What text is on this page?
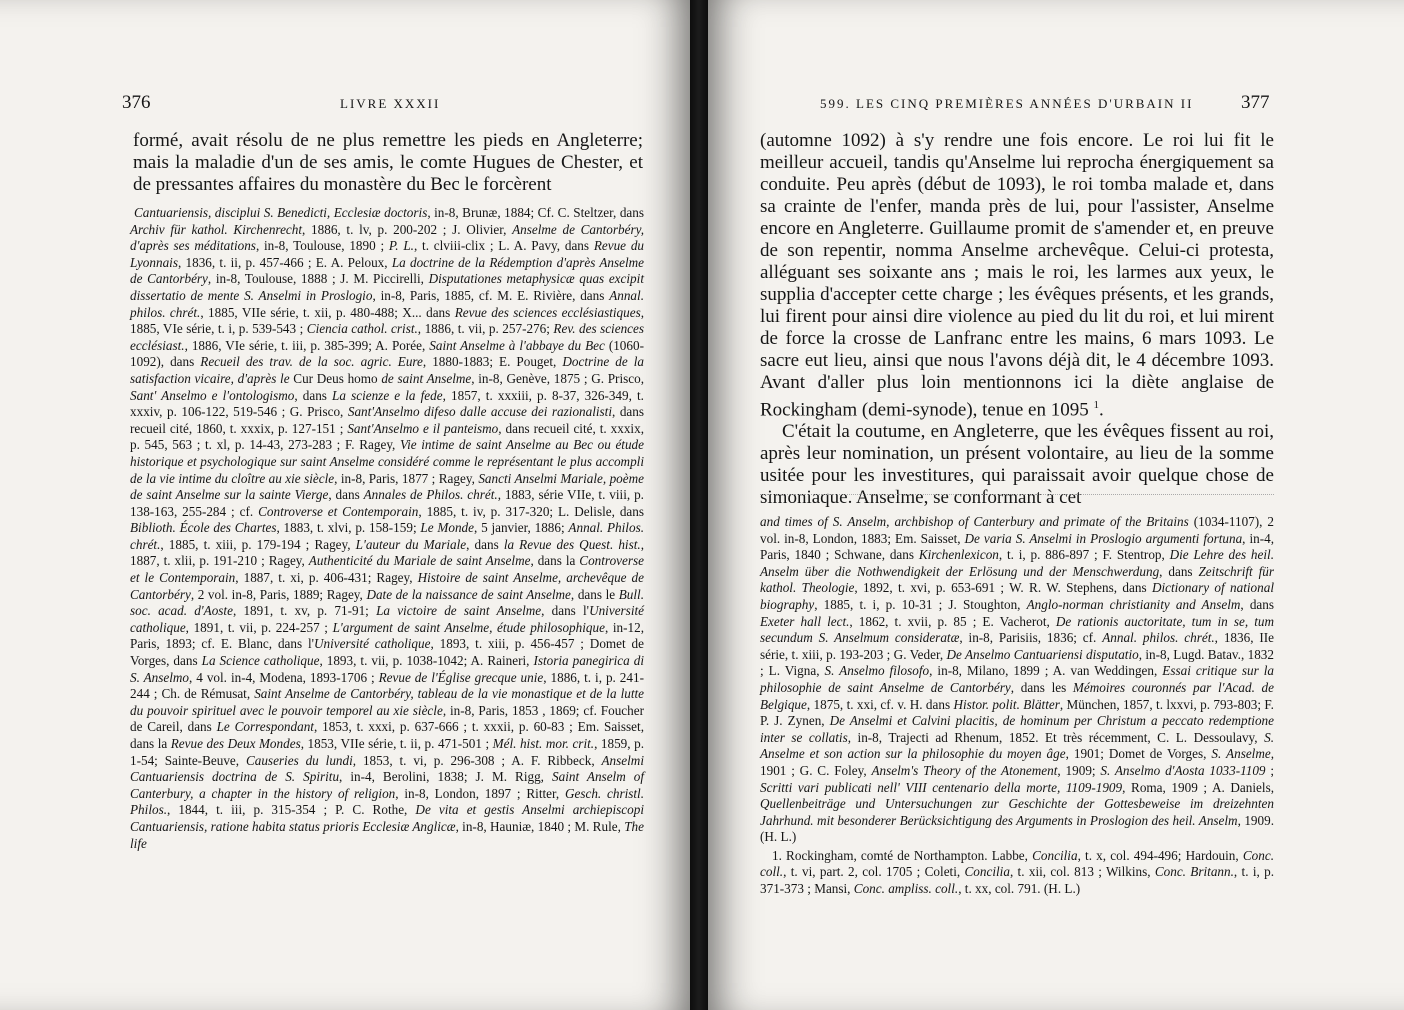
376	LIVRE XXXII

formé, avait résolu de ne plus remettre les pieds en Angleterre; mais la maladie d'un de ses amis, le comte Hugues de Chester, et de pressantes affaires du monastère du Bec le forcèrent

Cantuariensis, disciplui S. Benedicti, Ecclesiæ doctoris, in-8, Brunæ, 1884; Cf. C. Steltzer, dans Archiv für kathol. Kirchenrecht, 1886, t. lv, p. 200-202 ; J. Olivier, Anselme de Cantorbéry, d'après ses méditations, in-8, Toulouse, 1890 ; P. L., t. clviii-clix ; L. A. Pavy, dans Revue du Lyonnais, 1836, t. ii, p. 457-466 ; E. A. Peloux, La doctrine de la Rédemption d'après Anselme de Cantorbéry, in-8, Toulouse, 1888 ; J. M. Piccirelli, Disputationes metaphysicæ quas excipit dissertatio de mente S. Anselmi in Proslogio, in-8, Paris, 1885, cf. M. E. Rivière, dans Annal. philos. chrét., 1885, VIIe série, t. xii, p. 480-488; X... dans Revue des sciences ecclésiastiques, 1885, VIe série, t. i, p. 539-543 ; Ciencia cathol. crist., 1886, t. vii, p. 257-276; Rev. des sciences ecclésiast., 1886, VIe série, t. iii, p. 385-399; A. Porée, Saint Anselme à l'abbaye du Bec (1060-1092), dans Recueil des trav. de la soc. agric. Eure, 1880-1883; E. Pouget, Doctrine de la satisfaction vicaire, d'après le Cur Deus homo de saint Anselme, in-8, Genève, 1875 ; G. Prisco, Sant' Anselmo e l'ontologismo, dans La scienze e la fede, 1857, t. xxxiii, p. 8-37, 326-349, t. xxxiv, p. 106-122, 519-546 ; G. Prisco, Sant'Anselmo difeso dalle accuse dei razionalisti, dans recueil cité, 1860, t. xxxix, p. 127-151 ; Sant'Anselmo e il panteismo, dans recueil cité, t. xxxix, p. 545, 563 ; t. xl, p. 14-43, 273-283 ; F. Ragey, Vie intime de saint Anselme au Bec ou étude historique et psychologique sur saint Anselme considéré comme le représentant le plus accompli de la vie intime du cloître au xie siècle, in-8, Paris, 1877 ; Ragey, Sancti Anselmi Mariale, poème de saint Anselme sur la sainte Vierge, dans Annales de Philos. chrét., 1883, série VIIe, t. viii, p. 138-163, 255-284 ; cf. Controverse et Contemporain, 1885, t. iv, p. 317-320; L. Delisle, dans Biblioth. École des Chartes, 1883, t. xlvi, p. 158-159; Le Monde, 5 janvier, 1886; Annal. Philos. chrét., 1885, t. xiii, p. 179-194 ; Ragey, L'auteur du Mariale, dans la Revue des Quest. hist., 1887, t. xlii, p. 191-210 ; Ragey, Authenticité du Mariale de saint Anselme, dans la Controverse et le Contemporain, 1887, t. xi, p. 406-431; Ragey, Histoire de saint Anselme, archevêque de Cantorbéry, 2 vol. in-8, Paris, 1889; Ragey, Date de la naissance de saint Anselme, dans le Bull. soc. acad. d'Aoste, 1891, t. xv, p. 71-91; La victoire de saint Anselme, dans l'Université catholique, 1891, t. vii, p. 224-257 ; L'argument de saint Anselme, étude philosophique, in-12, Paris, 1893; cf. E. Blanc, dans l'Université catholique, 1893, t. xiii, p. 456-457 ; Domet de Vorges, dans La Science catholique, 1893, t. vii, p. 1038-1042; A. Raineri, Istoria panegirica di S. Anselmo, 4 vol. in-4, Modena, 1893-1706 ; Revue de l'Église grecque unie, 1886, t. i, p. 241-244 ; Ch. de Rémusat, Saint Anselme de Cantorbéry, tableau de la vie monastique et de la lutte du pouvoir spirituel avec le pouvoir temporel au xie siècle, in-8, Paris, 1853 , 1869; cf. Foucher de Careil, dans Le Correspondant, 1853, t. xxxi, p. 637-666 ; t. xxxii, p. 60-83 ; Em. Saisset, dans la Revue des Deux Mondes, 1853, VIIe série, t. ii, p. 471-501 ; Mél. hist. mor. crit., 1859, p. 1-54; Sainte-Beuve, Causeries du lundi, 1853, t. vi, p. 296-308 ; A. F. Ribbeck, Anselmi Cantuariensis doctrina de S. Spiritu, in-4, Berolini, 1838; J. M. Rigg, Saint Anselm of Canterbury, a chapter in the history of religion, in-8, London, 1897 ; Ritter, Gesch. christl. Philos., 1844, t. iii, p. 315-354 ; P. C. Rothe, De vita et gestis Anselmi archiepiscopi Cantuariensis, ratione habita status prioris Ecclesiæ Anglicæ, in-8, Hauniæ, 1840 ; M. Rule, The life

599. LES CINQ PREMIÈRES ANNÉES D'URBAIN II	377

(automne 1092) à s'y rendre une fois encore. Le roi lui fit le meilleur accueil, tandis qu'Anselme lui reprocha énergiquement sa conduite. Peu après (début de 1093), le roi tomba malade et, dans sa crainte de l'enfer, manda près de lui, pour l'assister, Anselme encore en Angleterre. Guillaume promit de s'amender et, en preuve de son repentir, nomma Anselme archevêque. Celui-ci protesta, alléguant ses soixante ans ; mais le roi, les larmes aux yeux, le supplia d'accepter cette charge ; les évêques présents, et les grands, lui firent pour ainsi dire violence au pied du lit du roi, et lui mirent de force la crosse de Lanfranc entre les mains, 6 mars 1093. Le sacre eut lieu, ainsi que nous l'avons déjà dit, le 4 décembre 1093. Avant d'aller plus loin mentionnons ici la diète anglaise de Rockingham (demi-synode), tenue en 1095 $^1$.

C'était la coutume, en Angleterre, que les évêques fissent au roi, après leur nomination, un présent volontaire, au lieu de la somme usitée pour les investitures, qui paraissait avoir quelque chose de simoniaque. Anselme, se conformant à cet

and times of S. Anselm, archbishop of Canterbury and primate of the Britains (1034-1107), 2 vol. in-8, London, 1883; Em. Saisset, De varia S. Anselmi in Proslogio argumenti fortuna, in-4, Paris, 1840 ; Schwane, dans Kirchenlexicon, t. i, p. 886-897 ; F. Stentrop, Die Lehre des heil. Anselm über die Nothwendigkeit der Erlösung und der Menschwerdung, dans Zeitschrift für kathol. Theologie, 1892, t. xvi, p. 653-691 ; W. R. W. Stephens, dans Dictionary of national biography, 1885, t. i, p. 10-31 ; J. Stoughton, Anglo-norman christianity and Anselm, dans Exeter hall lect., 1862, t. xvii, p. 85 ; E. Vacherot, De rationis auctoritate, tum in se, tum secundum S. Anselmum consideratæ, in-8, Parisiis, 1836; cf. Annal. philos. chrét., 1836, IIe série, t. xiii, p. 193-203 ; G. Veder, De Anselmo Cantuariensi disputatio, in-8, Lugd. Batav., 1832 ; L. Vigna, S. Anselmo filosofo, in-8, Milano, 1899 ; A. van Weddingen, Essai critique sur la philosophie de saint Anselme de Cantorbéry, dans les Mémoires couronnés par l'Acad. de Belgique, 1875, t. xxi, cf. v. H. dans Histor. polit. Blätter, München, 1857, t. lxxvi, p. 793-803; F. P. J. Zynen, De Anselmi et Calvini placitis, de hominum per Christum a peccato redemptione inter se collatis, in-8, Trajecti ad Rhenum, 1852. Et très récemment, C. L. Dessoulavy, S. Anselme et son action sur la philosophie du moyen âge, 1901; Domet de Vorges, S. Anselme, 1901 ; G. C. Foley, Anselm's Theory of the Atonement, 1909; S. Anselmo d'Aosta 1033-1109 ; Scritti vari publicati nell' VIII centenario della morte, 1109-1909, Roma, 1909 ; A. Daniels, Quellenbeiträge und Untersuchungen zur Geschichte der Gottesbeweise im dreizehnten Jahrhund. mit besonderer Berücksichtigung des Arguments in Proslogion des heil. Anselm, 1909. (H. L.)

1. Rockingham, comté de Northampton. Labbe, Concilia, t. x, col. 494-496; Hardouin, Conc. coll., t. vi, part. 2, col. 1705 ; Coleti, Concilia, t. xii, col. 813 ; Wilkins, Conc. Britann., t. i, p. 371-373 ; Mansi, Conc. ampliss. coll., t. xx, col. 791. (H. L.)
